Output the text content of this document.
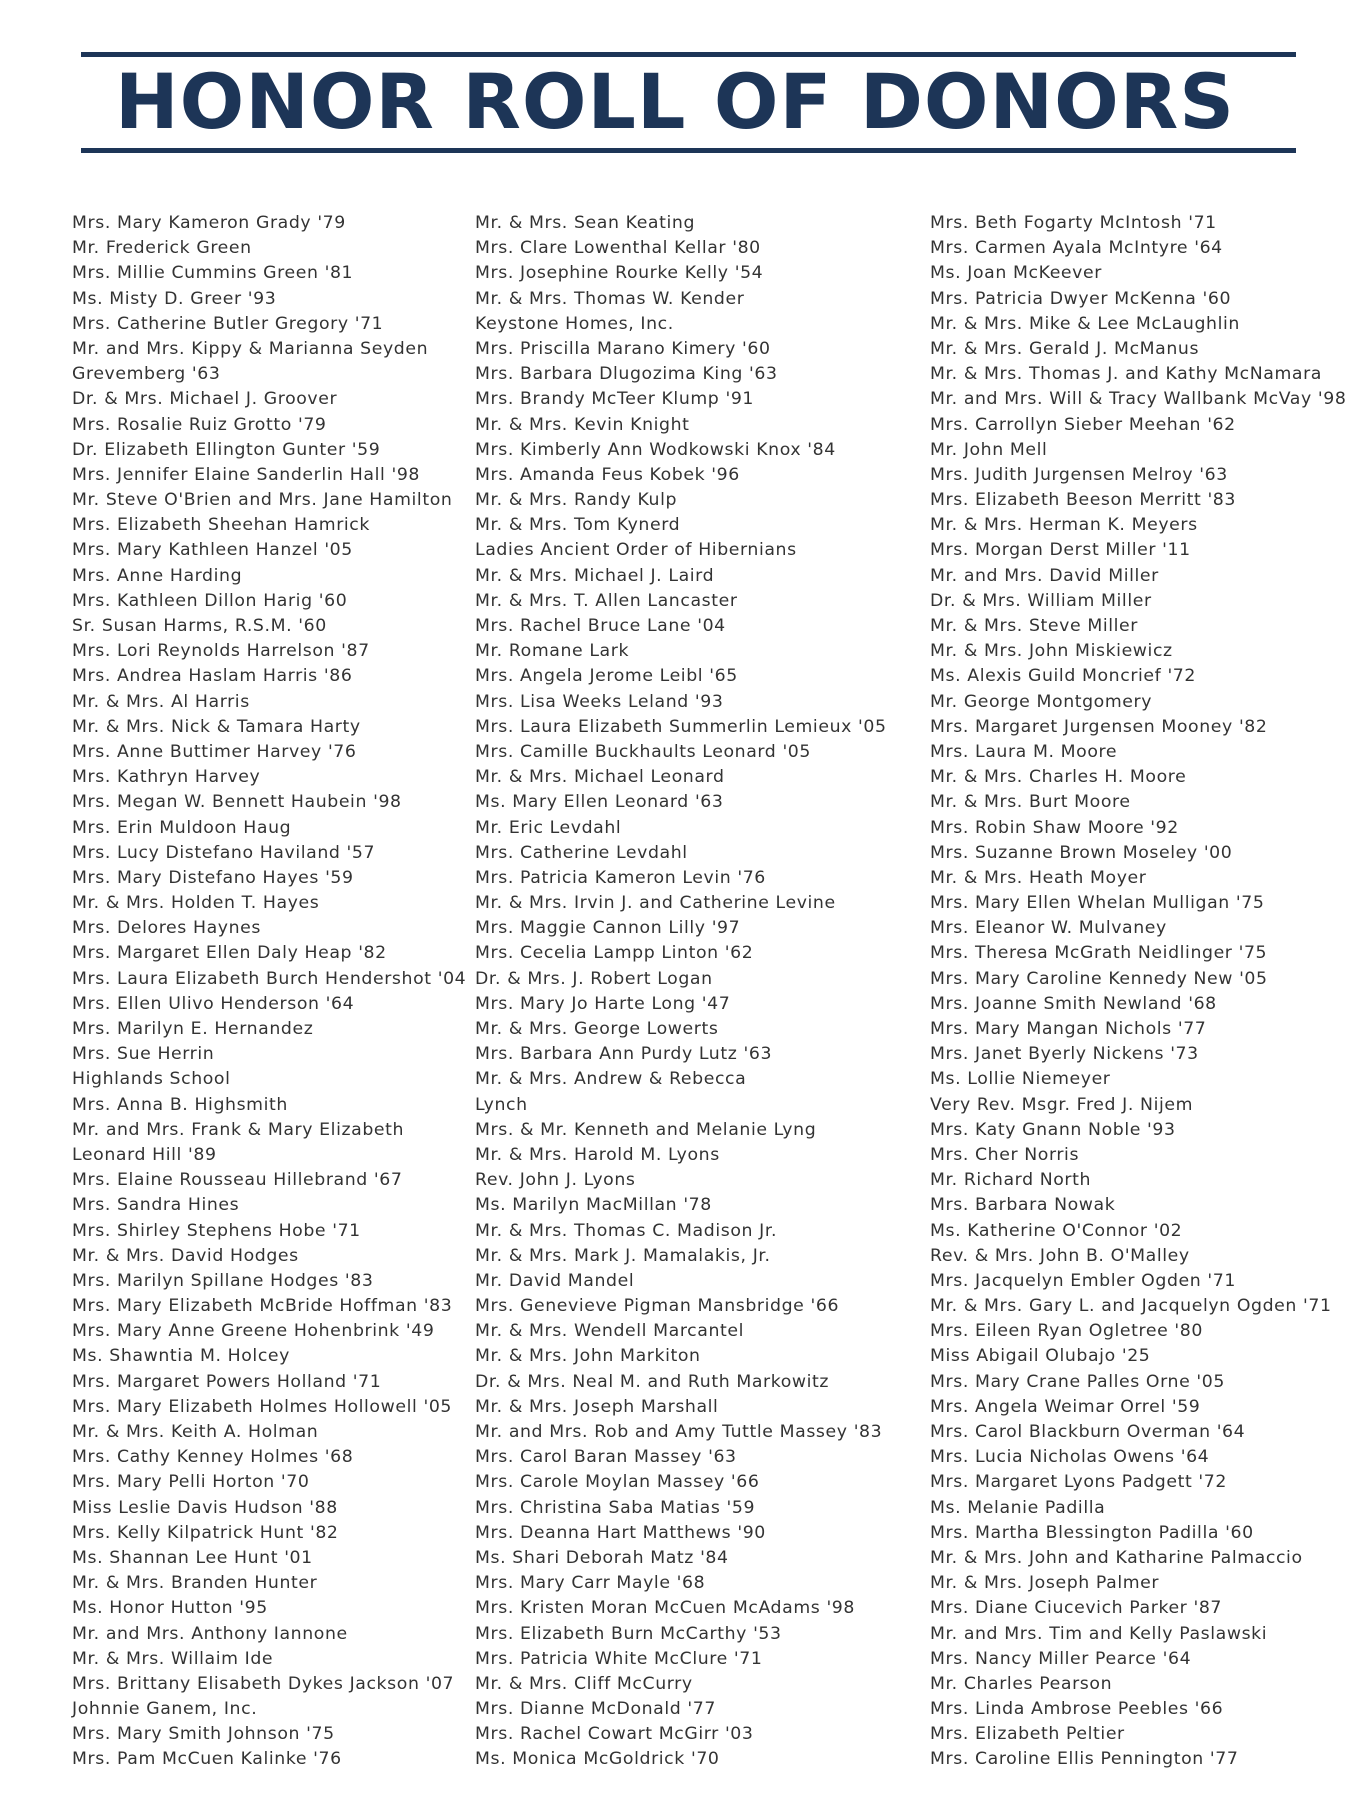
HONOR ROLL OF DONORS
Mrs. Mary Kameron Grady '79
Mr. Frederick Green
Mrs. Millie Cummins Green '81
Ms. Misty D. Greer '93
Mrs. Catherine Butler Gregory '71
Mr. and Mrs. Kippy & Marianna Seyden
Grevemberg '63
Dr. & Mrs. Michael J. Groover
Mrs. Rosalie Ruiz Grotto '79
Dr. Elizabeth Ellington Gunter '59
Mrs. Jennifer Elaine Sanderlin Hall '98
Mr. Steve O'Brien and Mrs. Jane Hamilton
Mrs. Elizabeth Sheehan Hamrick
Mrs. Mary Kathleen Hanzel '05
Mrs. Anne Harding
Mrs. Kathleen Dillon Harig '60
Sr. Susan Harms, R.S.M. '60
Mrs. Lori Reynolds Harrelson '87
Mrs. Andrea Haslam Harris '86
Mr. & Mrs. Al Harris
Mr. & Mrs. Nick & Tamara Harty
Mrs. Anne Buttimer Harvey '76
Mrs. Kathryn Harvey
Mrs. Megan W. Bennett Haubein '98
Mrs. Erin Muldoon Haug
Mrs. Lucy Distefano Haviland '57
Mrs. Mary Distefano Hayes '59
Mr. & Mrs. Holden T. Hayes
Mrs. Delores Haynes
Mrs. Margaret Ellen Daly Heap '82
Mrs. Laura Elizabeth Burch Hendershot '04
Mrs. Ellen Ulivo Henderson '64
Mrs. Marilyn E. Hernandez
Mrs. Sue Herrin
Highlands School
Mrs. Anna B. Highsmith
Mr. and Mrs. Frank & Mary Elizabeth
Leonard Hill '89
Mrs. Elaine Rousseau Hillebrand '67
Mrs. Sandra Hines
Mrs. Shirley Stephens Hobe '71
Mr. & Mrs. David Hodges
Mrs. Marilyn Spillane Hodges '83
Mrs. Mary Elizabeth McBride Hoffman '83
Mrs. Mary Anne Greene Hohenbrink '49
Ms. Shawntia M. Holcey
Mrs. Margaret Powers Holland '71
Mrs. Mary Elizabeth Holmes Hollowell '05
Mr. & Mrs. Keith A. Holman
Mrs. Cathy Kenney Holmes '68
Mrs. Mary Pelli Horton '70
Miss Leslie Davis Hudson '88
Mrs. Kelly Kilpatrick Hunt '82
Ms. Shannan Lee Hunt '01
Mr. & Mrs. Branden Hunter
Ms. Honor Hutton '95
Mr. and Mrs. Anthony Iannone
Mr. & Mrs. Willaim Ide
Mrs. Brittany Elisabeth Dykes Jackson '07
Johnnie Ganem, Inc.
Mrs. Mary Smith Johnson '75
Mrs. Pam McCuen Kalinke '76
Mr. & Mrs. Sean Keating
Mrs. Clare Lowenthal Kellar '80
Mrs. Josephine Rourke Kelly '54
Mr. & Mrs. Thomas W. Kender
Keystone Homes, Inc.
Mrs. Priscilla Marano Kimery '60
Mrs. Barbara Dlugozima King '63
Mrs. Brandy McTeer Klump '91
Mr. & Mrs. Kevin Knight
Mrs. Kimberly Ann Wodkowski Knox '84
Mrs. Amanda Feus Kobek '96
Mr. & Mrs. Randy Kulp
Mr. & Mrs. Tom Kynerd
Ladies Ancient Order of Hibernians
Mr. & Mrs. Michael J. Laird
Mr. & Mrs. T. Allen Lancaster
Mrs. Rachel Bruce Lane '04
Mr. Romane Lark
Mrs. Angela Jerome Leibl '65
Mrs. Lisa Weeks Leland '93
Mrs. Laura Elizabeth Summerlin Lemieux '05
Mrs. Camille Buckhaults Leonard '05
Mr. & Mrs. Michael Leonard
Ms. Mary Ellen Leonard '63
Mr. Eric Levdahl
Mrs. Catherine Levdahl
Mrs. Patricia Kameron Levin '76
Mr. & Mrs. Irvin J. and Catherine Levine
Mrs. Maggie Cannon Lilly '97
Mrs. Cecelia Lampp Linton '62
Dr. & Mrs. J. Robert Logan
Mrs. Mary Jo Harte Long '47
Mr. & Mrs. George Lowerts
Mrs. Barbara Ann Purdy Lutz '63
Mr. & Mrs. Andrew & Rebecca
Lynch
Mrs. & Mr. Kenneth and Melanie Lyng
Mr. & Mrs. Harold M. Lyons
Rev. John J. Lyons
Ms. Marilyn MacMillan '78
Mr. & Mrs. Thomas C. Madison Jr.
Mr. & Mrs. Mark J. Mamalakis, Jr.
Mr. David Mandel
Mrs. Genevieve Pigman Mansbridge '66
Mr. & Mrs. Wendell Marcantel
Mr. & Mrs. John Markiton
Dr. & Mrs. Neal M. and Ruth Markowitz
Mr. & Mrs. Joseph Marshall
Mr. and Mrs. Rob and Amy Tuttle Massey '83
Mrs. Carol Baran Massey '63
Mrs. Carole Moylan Massey '66
Mrs. Christina Saba Matias '59
Mrs. Deanna Hart Matthews '90
Ms. Shari Deborah Matz '84
Mrs. Mary Carr Mayle '68
Mrs. Kristen Moran McCuen McAdams '98
Mrs. Elizabeth Burn McCarthy '53
Mrs. Patricia White McClure '71
Mr. & Mrs. Cliff McCurry
Mrs. Dianne McDonald '77
Mrs. Rachel Cowart McGirr '03
Ms. Monica McGoldrick '70
Mrs. Beth Fogarty McIntosh '71
Mrs. Carmen Ayala McIntyre '64
Ms. Joan McKeever
Mrs. Patricia Dwyer McKenna '60
Mr. & Mrs. Mike & Lee McLaughlin
Mr. & Mrs. Gerald J. McManus
Mr. & Mrs. Thomas J. and Kathy McNamara
Mr. and Mrs. Will & Tracy Wallbank McVay '98
Mrs. Carrollyn Sieber Meehan '62
Mr. John Mell
Mrs. Judith Jurgensen Melroy '63
Mrs. Elizabeth Beeson Merritt '83
Mr. & Mrs. Herman K. Meyers
Mrs. Morgan Derst Miller '11
Mr. and Mrs. David Miller
Dr. & Mrs. William Miller
Mr. & Mrs. Steve Miller
Mr. & Mrs. John Miskiewicz
Ms. Alexis Guild Moncrief '72
Mr. George Montgomery
Mrs. Margaret Jurgensen Mooney '82
Mrs. Laura M. Moore
Mr. & Mrs. Charles H. Moore
Mr. & Mrs. Burt Moore
Mrs. Robin Shaw Moore '92
Mrs. Suzanne Brown Moseley '00
Mr. & Mrs. Heath Moyer
Mrs. Mary Ellen Whelan Mulligan '75
Mrs. Eleanor W. Mulvaney
Mrs. Theresa McGrath Neidlinger '75
Mrs. Mary Caroline Kennedy New '05
Mrs. Joanne Smith Newland '68
Mrs. Mary Mangan Nichols '77
Mrs. Janet Byerly Nickens '73
Ms. Lollie Niemeyer
Very Rev. Msgr. Fred J. Nijem
Mrs. Katy Gnann Noble '93
Mrs. Cher Norris
Mr. Richard North
Mrs. Barbara Nowak
Ms. Katherine O'Connor '02
Rev. & Mrs. John B. O'Malley
Mrs. Jacquelyn Embler Ogden '71
Mr. & Mrs. Gary L. and Jacquelyn Ogden '71
Mrs. Eileen Ryan Ogletree '80
Miss Abigail Olubajo '25
Mrs. Mary Crane Palles Orne '05
Mrs. Angela Weimar Orrel '59
Mrs. Carol Blackburn Overman '64
Mrs. Lucia Nicholas Owens '64
Mrs. Margaret Lyons Padgett '72
Ms. Melanie Padilla
Mrs. Martha Blessington Padilla '60
Mr. & Mrs. John and Katharine Palmaccio
Mr. & Mrs. Joseph Palmer
Mrs. Diane Ciucevich Parker '87
Mr. and Mrs. Tim and Kelly Paslawski
Mrs. Nancy Miller Pearce '64
Mr. Charles Pearson
Mrs. Linda Ambrose Peebles '66
Mrs. Elizabeth Peltier
Mrs. Caroline Ellis Pennington '77
